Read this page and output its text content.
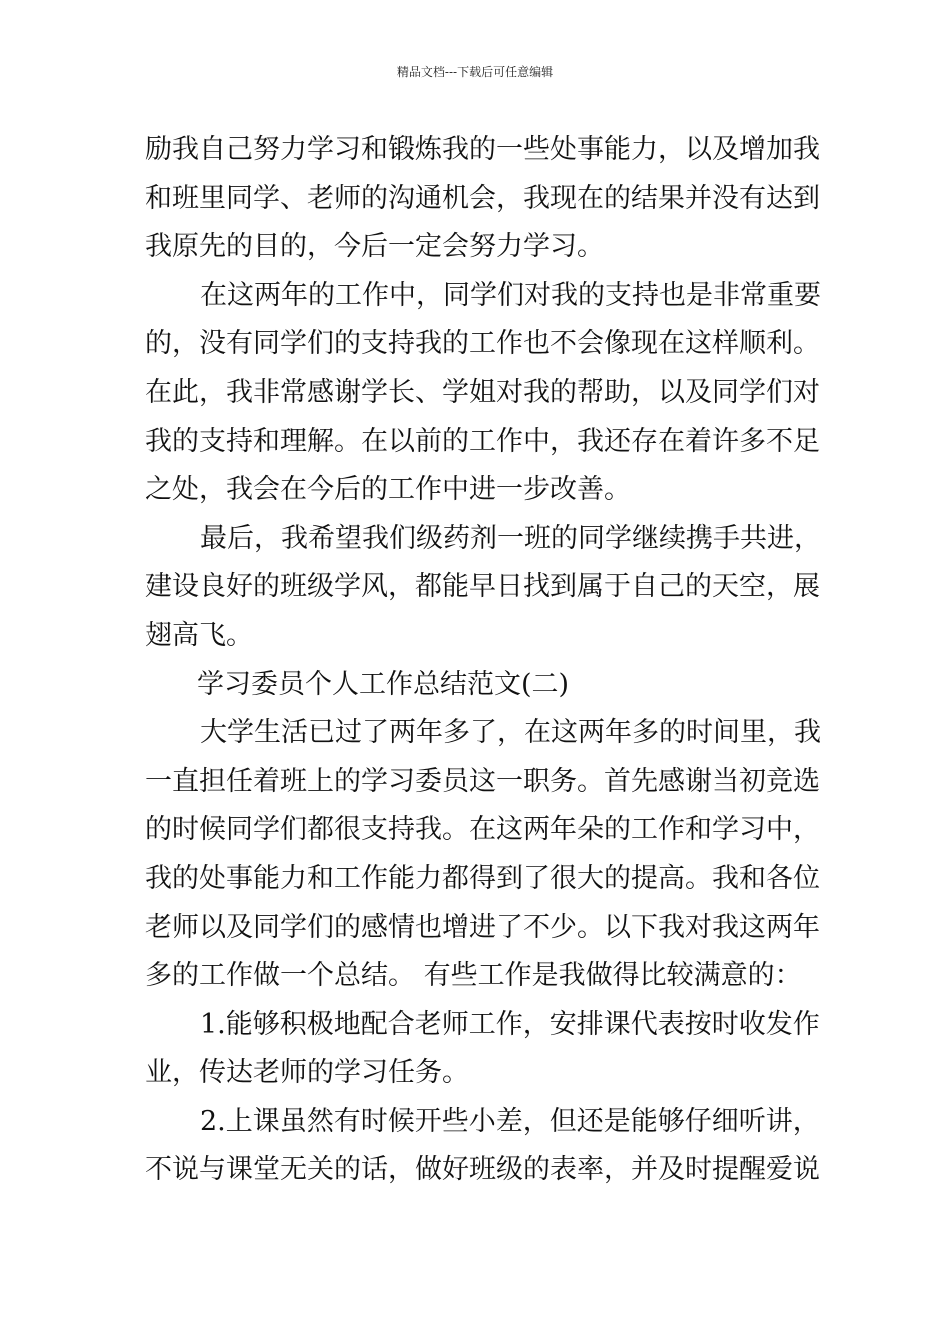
精品文档---下载后可任意编辑
励我自己努力学习和锻炼我的一些处事能力，以及增加我
和班里同学、老师的沟通机会，我现在的结果并没有达到
我原先的目的，今后一定会努力学习。
在这两年的工作中，同学们对我的支持也是非常重要
的，没有同学们的支持我的工作也不会像现在这样顺利。
在此，我非常感谢学长、学姐对我的帮助，以及同学们对
我的支持和理解。在以前的工作中，我还存在着许多不足
之处，我会在今后的工作中进一步改善。
最后，我希望我们级药剂一班的同学继续携手共进，
建设良好的班级学风，都能早日找到属于自己的天空，展
翅高飞。
学习委员个人工作总结范文(二)
大学生活已过了两年多了，在这两年多的时间里，我
一直担任着班上的学习委员这一职务。首先感谢当初竞选
的时候同学们都很支持我。在这两年朵的工作和学习中，
我的处事能力和工作能力都得到了很大的提高。我和各位
老师以及同学们的感情也增进了不少。以下我对我这两年
多的工作做一个总结。 有些工作是我做得比较满意的：
1.能够积极地配合老师工作，安排课代表按时收发作
业，传达老师的学习任务。
2.上课虽然有时候开些小差，但还是能够仔细听讲，
不说与课堂无关的话，做好班级的表率，并及时提醒爱说
